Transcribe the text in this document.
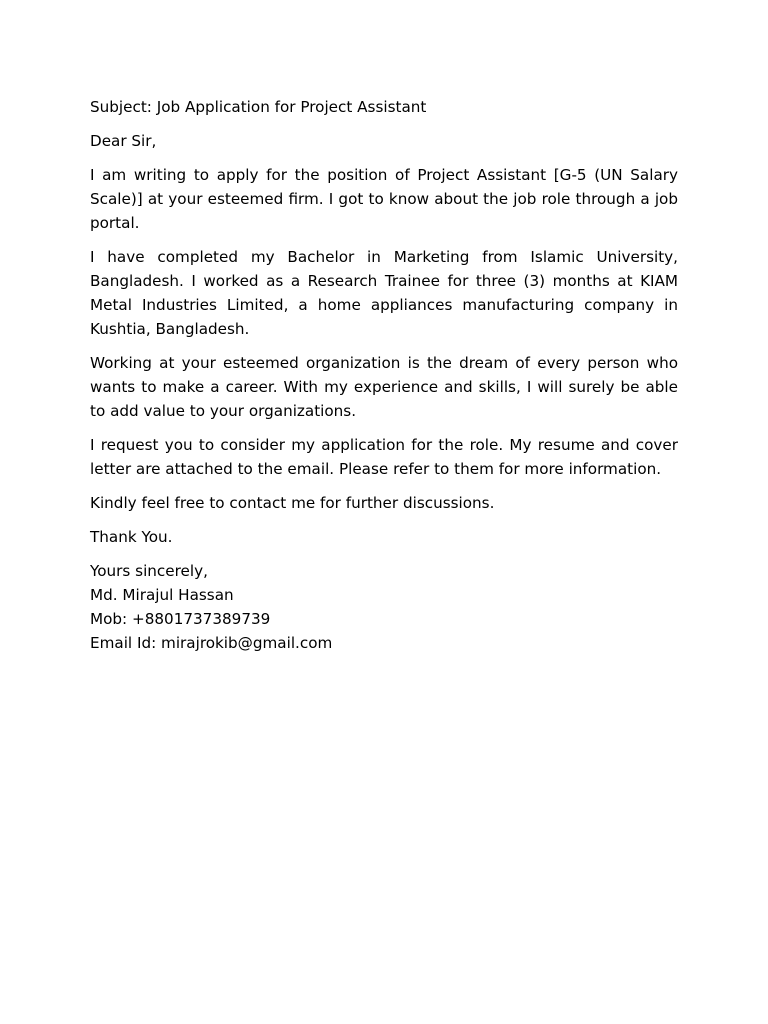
Subject: Job Application for Project Assistant

Dear Sir,

I am writing to apply for the position of Project Assistant [G-5 (UN Salary Scale)] at your esteemed firm. I got to know about the job role through a job portal.

I have completed my Bachelor in Marketing from Islamic University, Bangladesh. I worked as a Research Trainee for three (3) months at KIAM Metal Industries Limited, a home appliances manufacturing company in Kushtia, Bangladesh.

Working at your esteemed organization is the dream of every person who wants to make a career. With my experience and skills, I will surely be able to add value to your organizations.

I request you to consider my application for the role. My resume and cover letter are attached to the email. Please refer to them for more information.

Kindly feel free to contact me for further discussions.

Thank You.

Yours sincerely,
Md. Mirajul Hassan
Mob: +8801737389739
Email Id: mirajrokib@gmail.com
